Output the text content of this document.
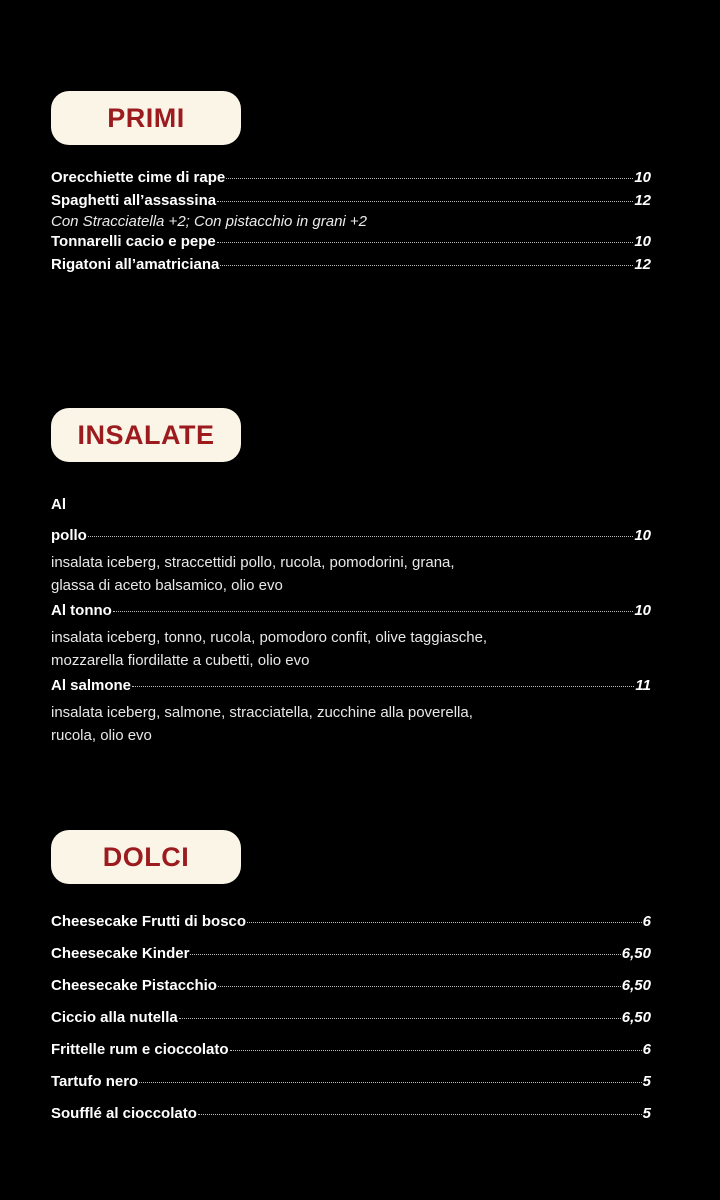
PRIMI
Orecchiette cime di rape	10
Spaghetti all’assassina	12
Con Stracciatella +2; Con pistacchio in grani +2
Tonnarelli cacio e pepe	10
Rigatoni all’amatriciana	12
INSALATE
Al
pollo	10
insalata iceberg, straccettidi pollo, rucola, pomodorini, grana,
glassa di aceto balsamico, olio evo
Al tonno	10
insalata iceberg, tonno, rucola, pomodoro confit, olive taggiasche,
mozzarella fiordilatte a cubetti, olio evo
Al salmone	11
insalata iceberg, salmone, stracciatella, zucchine alla poverella,
rucola, olio evo
DOLCI
Cheesecake Frutti di bosco	6
Cheesecake Kinder	6,50
Cheesecake Pistacchio	6,50
Ciccio alla nutella	6,50
Frittelle rum e cioccolato	6
Tartufo nero	5
Soufflé al cioccolato	5
